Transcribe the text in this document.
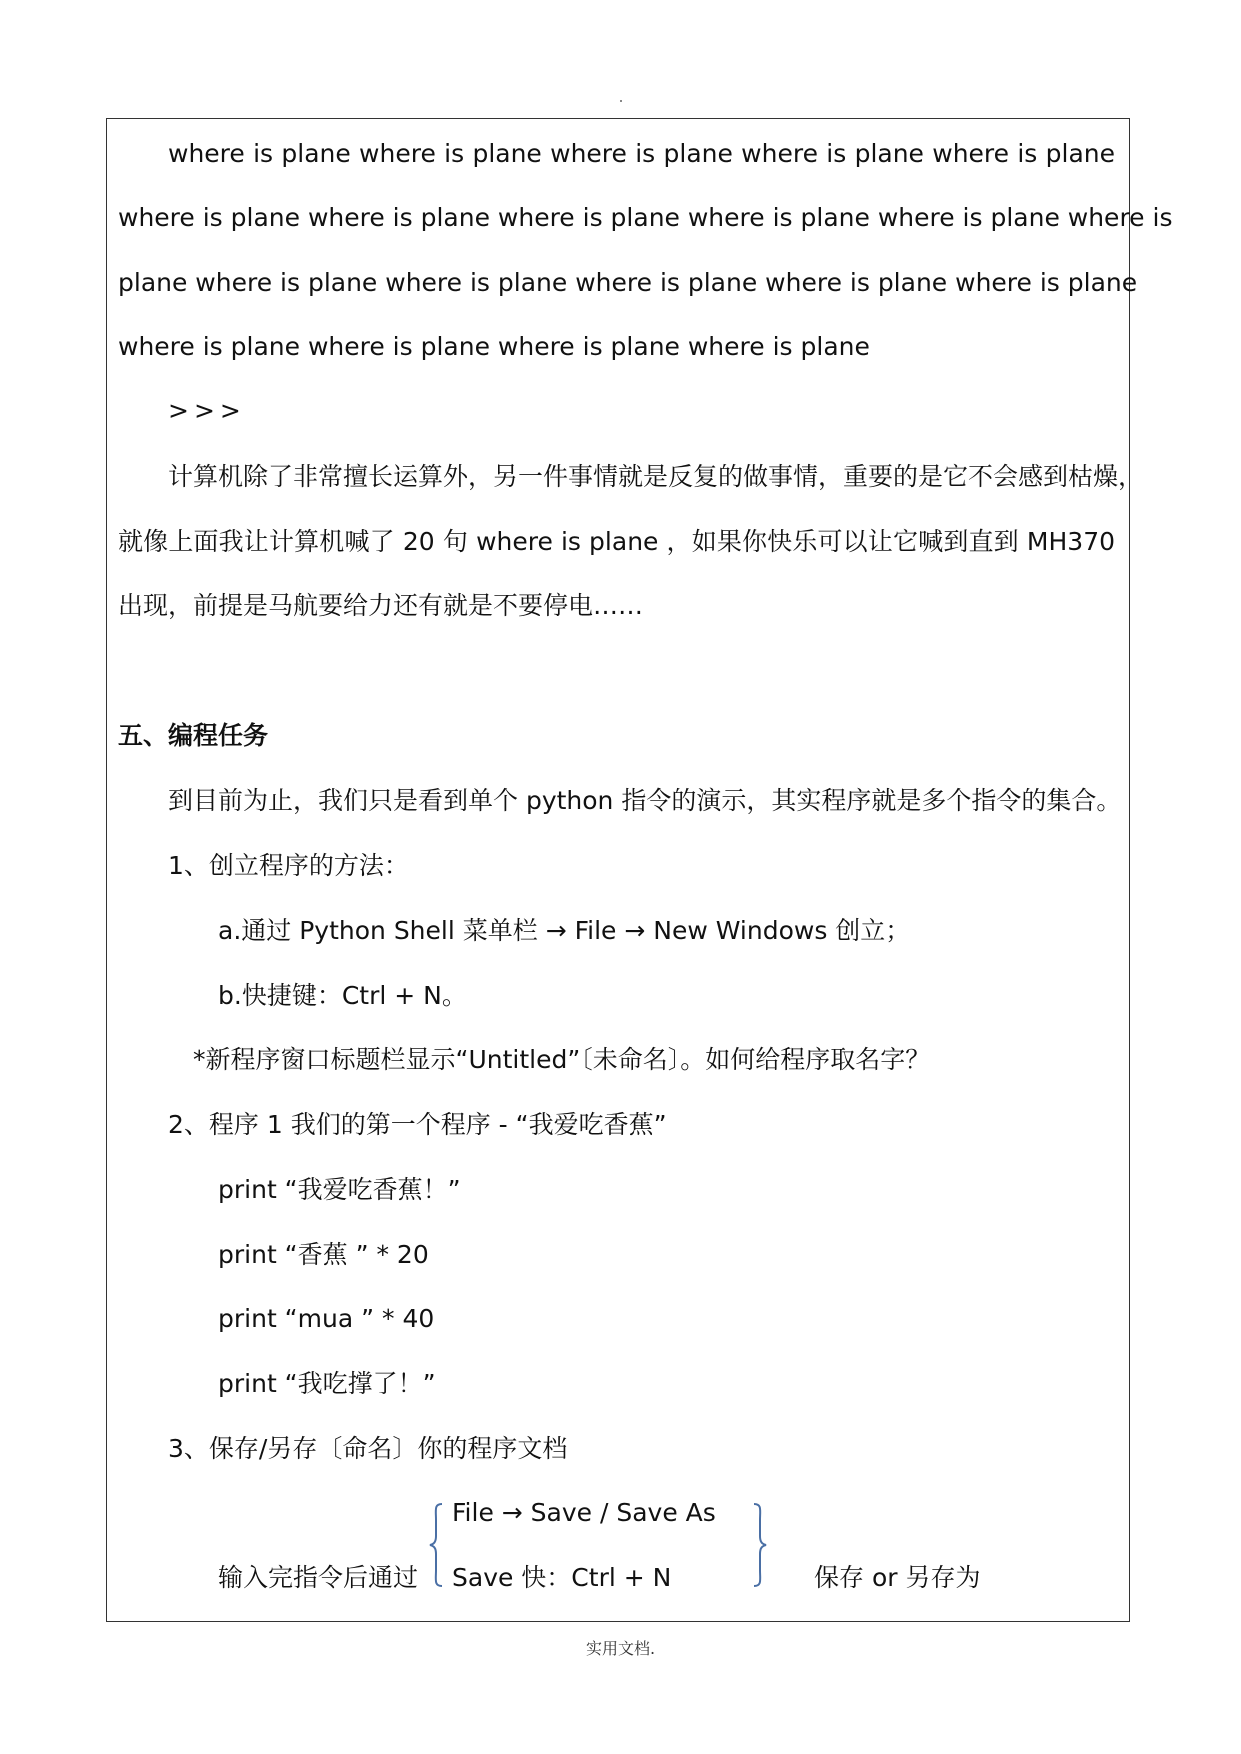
where is plane where is plane where is plane where is plane where is plane
where is plane where is plane where is plane where is plane where is plane where is
plane where is plane where is plane where is plane where is plane where is plane
where is plane where is plane where is plane where is plane
>>>
计算机除了非常擅长运算外，另一件事情就是反复的做事情，重要的是它不会感到枯燥，
就像上面我让计算机喊了 20 句 where is plane ，如果你快乐可以让它喊到直到 MH370
出现，前提是马航要给力还有就是不要停电……
五、编程任务
到目前为止，我们只是看到单个 python 指令的演示，其实程序就是多个指令的集合。
1、创立程序的方法：
a.通过 Python Shell 菜单栏 → File → New Windows 创立；
b.快捷键：Ctrl + N。
*新程序窗口标题栏显示“Untitled”〔未命名〕。如何给程序取名字？
2、程序 1 我们的第一个程序 - “我爱吃香蕉”
print “我爱吃香蕉！”
print “香蕉 ” * 20
print “mua ” * 40
print “我吃撑了！”
3、保存/另存〔命名〕你的程序文档
File → Save / Save As
输入完指令后通过 Save 快：Ctrl + N	保存 or 另存为
实用文档.
